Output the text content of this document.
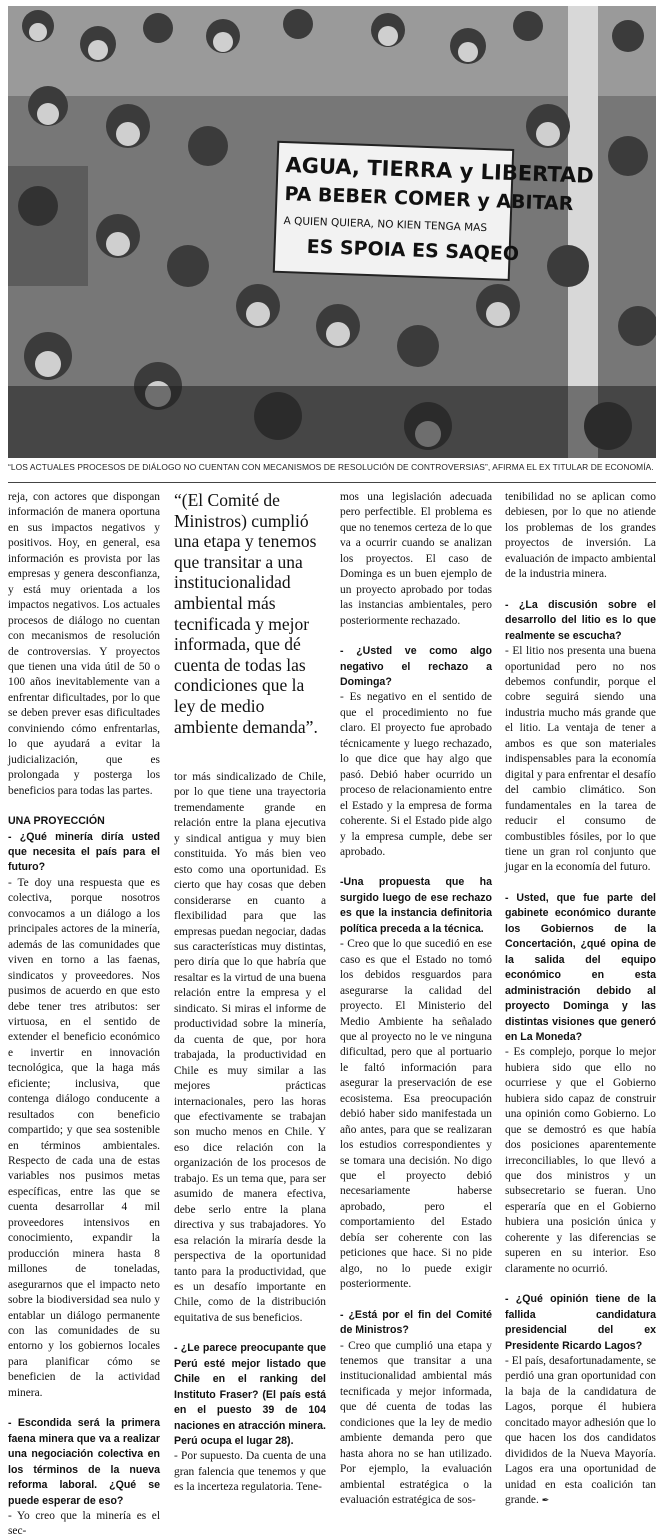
AGUA, TIERRA y LIBERTAD
PA BEBER COMER y ABITAR
A QUIEN QUIERA, NO KIEN TENGA MAS
ES SPOIA ES SAQEO
“LOS ACTUALES PROCESOS DE DIÁLOGO NO CUENTAN CON MECANISMOS DE RESOLUCIÓN DE CONTROVERSIAS”, AFIRMA EL EX TITULAR DE ECONOMÍA.

reja, con actores que dispongan información de manera oportuna en sus impactos negativos y positivos. Hoy, en general, esa información es provista por las empresas y genera desconfianza, y está muy orientada a los impactos negativos. Los actuales procesos de diálogo no cuentan con mecanismos de resolución de controversias. Y proyectos que tienen una vida útil de 50 o 100 años inevitablemente van a enfrentar dificultades, por lo que se deben prever esas dificultades conviniendo cómo enfrentarlas, lo que ayudará a evitar la judicialización, que es prolongada y posterga los beneficios para todas las partes.

UNA PROYECCIÓN

- ¿Qué minería diría usted que necesita el país para el futuro?

- Te doy una respuesta que es colectiva, porque nosotros convocamos a un diálogo a los principales actores de la minería, además de las comunidades que viven en torno a las faenas, sindicatos y proveedores. Nos pusimos de acuerdo en que esto debe tener tres atributos: ser virtuosa, en el sentido de extender el beneficio económico e invertir en innovación tecnológica, que la haga más eficiente; inclusiva, que contenga diálogo conducente a resultados con beneficio compartido; y que sea sostenible en términos ambientales. Respecto de cada una de estas variables nos pusimos metas específicas, entre las que se cuenta desarrollar 4 mil proveedores intensivos en conocimiento, expandir la producción minera hasta 8 millones de toneladas, asegurarnos que el impacto neto sobre la biodiversidad sea nulo y entablar un diálogo permanente con las comunidades de su entorno y los gobiernos locales para planificar cómo se beneficien de la actividad minera.

- Escondida será la primera faena minera que va a realizar una negociación colectiva en los términos de la nueva reforma laboral. ¿Qué se puede esperar de eso?

- Yo creo que la minería es el sec-

“(El Comité de Ministros) cumplió una etapa y tenemos que transitar a una institucionalidad ambiental más tecnificada y mejor informada, que dé cuenta de todas las condiciones que la ley de medio ambiente demanda”.

tor más sindicalizado de Chile, por lo que tiene una trayectoria tremendamente grande en relación entre la plana ejecutiva y sindical antigua y muy bien constituida. Yo más bien veo esto como una oportunidad. Es cierto que hay cosas que deben considerarse en cuanto a flexibilidad para que las empresas puedan negociar, dadas sus características muy distintas, pero diría que lo que habría que resaltar es la virtud de una buena relación entre la empresa y el sindicato. Si miras el informe de productividad sobre la minería, da cuenta de que, por hora trabajada, la productividad en Chile es muy similar a las mejores prácticas internacionales, pero las horas que efectivamente se trabajan son mucho menos en Chile. Y eso dice relación con la organización de los procesos de trabajo. Es un tema que, para ser asumido de manera efectiva, debe serlo entre la plana directiva y sus trabajadores. Yo esa relación la miraría desde la perspectiva de la oportunidad tanto para la productividad, que es un desafío importante en Chile, como de la distribución equitativa de sus beneficios.

- ¿Le parece preocupante que Perú esté mejor listado que Chile en el ranking del Instituto Fraser? (El país está en el puesto 39 de 104 naciones en atracción minera. Perú ocupa el lugar 28).

- Por supuesto. Da cuenta de una gran falencia que tenemos y que es la incerteza regulatoria. Tene-

mos una legislación adecuada pero perfectible. El problema es que no tenemos certeza de lo que va a ocurrir cuando se analizan los proyectos. El caso de Dominga es un buen ejemplo de un proyecto aprobado por todas las instancias ambientales, pero posteriormente rechazado.

- ¿Usted ve como algo negativo el rechazo a Dominga?

- Es negativo en el sentido de que el procedimiento no fue claro. El proyecto fue aprobado técnicamente y luego rechazado, lo que dice que hay algo que pasó. Debió haber ocurrido un proceso de relacionamiento entre el Estado y la empresa de forma coherente. Si el Estado pide algo y la empresa cumple, debe ser aprobado.

-Una propuesta que ha surgido luego de ese rechazo es que la instancia definitoria política preceda a la técnica.

- Creo que lo que sucedió en ese caso es que el Estado no tomó los debidos resguardos para asegurarse la calidad del proyecto. El Ministerio del Medio Ambiente ha señalado que al proyecto no le ve ninguna dificultad, pero que al portuario le faltó información para asegurar la preservación de ese ecosistema. Esa preocupación debió haber sido manifestada un año antes, para que se realizaran los estudios correspondientes y se tomara una decisión. No digo que el proyecto debió necesariamente haberse aprobado, pero el comportamiento del Estado debía ser coherente con las peticiones que hace. Si no pide algo, no lo puede exigir posteriormente.

- ¿Está por el fin del Comité de Ministros?

- Creo que cumplió una etapa y tenemos que transitar a una institucionalidad ambiental más tecnificada y mejor informada, que dé cuenta de todas las condiciones que la ley de medio ambiente demanda pero que hasta ahora no se han utilizado. Por ejemplo, la evaluación ambiental estratégica o la evaluación estratégica de sos-

tenibilidad no se aplican como debiesen, por lo que no atiende los problemas de los grandes proyectos de inversión. La evaluación de impacto ambiental de la industria minera.

- ¿La discusión sobre el desarrollo del litio es lo que realmente se escucha?

- El litio nos presenta una buena oportunidad pero no nos debemos confundir, porque el cobre seguirá siendo una industria mucho más grande que el litio. La ventaja de tener a ambos es que son materiales indispensables para la economía digital y para enfrentar el desafío del cambio climático. Son fundamentales en la tarea de reducir el consumo de combustibles fósiles, por lo que tiene un gran rol conjunto que jugar en la economía del futuro.

- Usted, que fue parte del gabinete económico durante los Gobiernos de la Concertación, ¿qué opina de la salida del equipo económico en esta administración debido al proyecto Dominga y las distintas visiones que generó en La Moneda?

- Es complejo, porque lo mejor hubiera sido que ello no ocurriese y que el Gobierno hubiera sido capaz de construir una opinión como Gobierno. Lo que se demostró es que había dos posiciones aparentemente irreconciliables, lo que llevó a que dos ministros y un subsecretario se fueran. Uno esperaría que en el Gobierno hubiera una posición única y coherente y las diferencias se superen en su interior. Eso claramente no ocurrió.

- ¿Qué opinión tiene de la fallida candidatura presidencial del ex Presidente Ricardo Lagos?

- El país, desafortunadamente, se perdió una gran oportunidad con la baja de la candidatura de Lagos, porque él hubiera concitado mayor adhesión que lo que hacen los dos candidatos divididos de la Nueva Mayoría. Lagos era una oportunidad de unidad en esta coalición tan grande. ✒
